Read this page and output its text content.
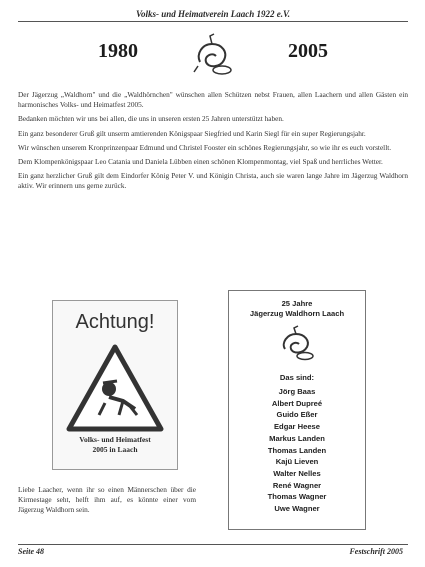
Volks- und Heimatverein Laach 1922 e.V.
1980	2005

Der Jägerzug „Waldhorn" und die „Waldhörnchen" wünschen allen Schützen nebst Frauen, allen Laachern und allen Gästen ein harmonisches Volks- und Heimatfest 2005.

Bedanken möchten wir uns bei allen, die uns in unseren ersten 25 Jahren unterstützt haben.

Ein ganz besonderer Gruß gilt unserm amtierenden Königspaar Siegfried und Karin Siegl für ein super Regierungsjahr.

Wir wünschen unserem Kronprinzenpaar Edmund und Christel Fooster ein schönes Regierungsjahr, so wie ihr es euch vorstellt.

Dem Klompenkönigspaar Leo Catania und Daniela Lübben einen schönen Klompenmontag, viel Spaß und herrliches Wetter.

Ein ganz herzlicher Gruß gilt dem Eindorfer König Peter V. und Königin Christa, auch sie waren lange Jahre im Jägerzug Waldhorn aktiv. Wir erinnern uns gerne zurück.

Achtung!
Volks- und Heimatfest
2005 in Laach
Liebe Laacher, wenn ihr so einen Männerschen über die Kirmestage seht, helft ihm auf, es könnte einer vom Jägerzug Waldhorn sein.
25 Jahre
Jägerzug Waldhorn Laach
Das sind:
Jörg Baas
Albert Dupreé
Guido Eßer
Edgar Heese
Markus Landen
Thomas Landen
Kajü Lieven
Walter Nelles
René Wagner
Thomas Wagner
Uwe Wagner
Seite 48	Festschrift 2005
